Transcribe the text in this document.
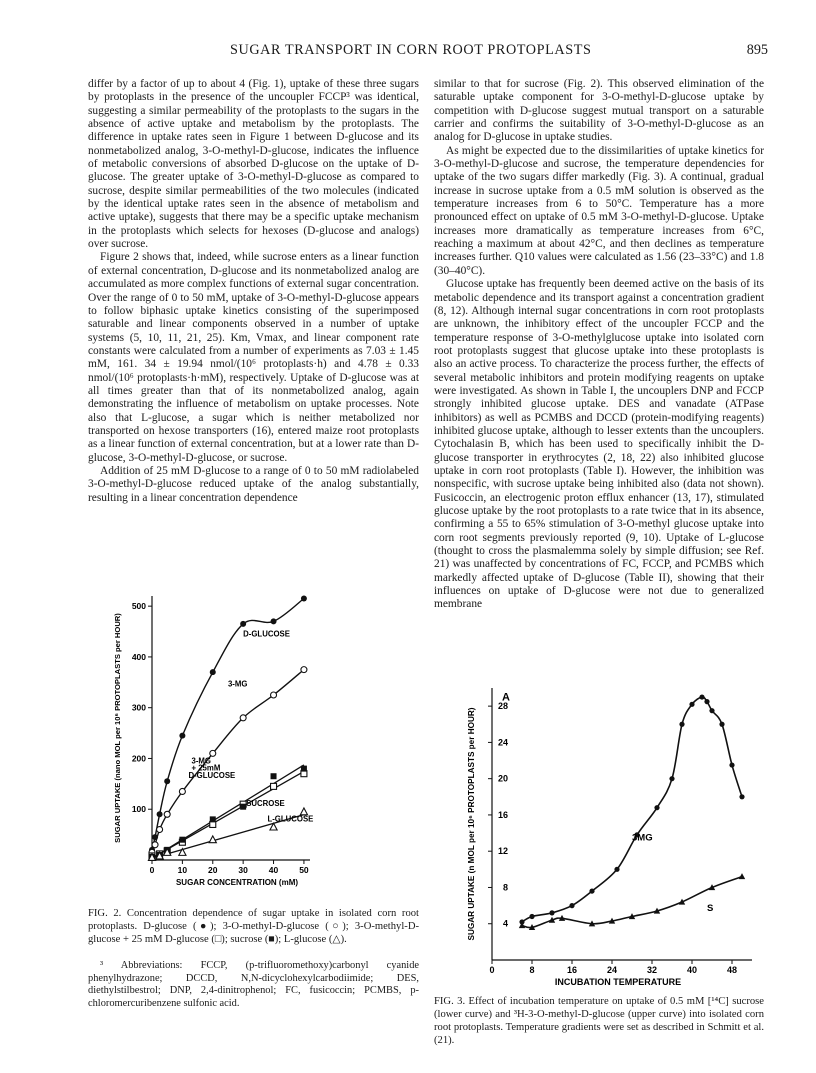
SUGAR TRANSPORT IN CORN ROOT PROTOPLASTS	895

differ by a factor of up to about 4 (Fig. 1), uptake of these three sugars by protoplasts in the presence of the uncoupler FCCP³ was identical, suggesting a similar permeability of the protoplasts to the sugars in the absence of active uptake and metabolism by the protoplasts. The difference in uptake rates seen in Figure 1 between D-glucose and its nonmetabolized analog, 3-O-methyl-D-glucose, indicates the influence of metabolic conversions of absorbed D-glucose on the uptake of D-glucose. The greater uptake of 3-O-methyl-D-glucose as compared to sucrose, despite similar permeabilities of the two molecules (indicated by the identical uptake rates seen in the absence of metabolism and active uptake), suggests that there may be a specific uptake mechanism in the protoplasts which selects for hexoses (D-glucose and analogs) over sucrose.

Figure 2 shows that, indeed, while sucrose enters as a linear function of external concentration, D-glucose and its nonmetabolized analog are accumulated as more complex functions of external sugar concentration. Over the range of 0 to 50 mM, uptake of 3-O-methyl-D-glucose appears to follow biphasic uptake kinetics consisting of the superimposed saturable and linear components observed in a number of uptake systems (5, 10, 11, 21, 25). Km, Vmax, and linear component rate constants were calculated from a number of experiments as 7.03 ± 1.45 mM, 161. 34 ± 19.94 nmol/(10⁶ protoplasts·h) and 4.78 ± 0.33 nmol/(10⁶ protoplasts·h·mM), respectively. Uptake of D-glucose was at all times greater than that of its nonmetabolized analog, again demonstrating the influence of metabolism on uptake processes. Note also that L-glucose, a sugar which is neither metabolized nor transported on hexose transporters (16), entered maize root protoplasts as a linear function of external concentration, but at a lower rate than D-glucose, 3-O-methyl-D-glucose, or sucrose.

Addition of 25 mM D-glucose to a range of 0 to 50 mM radiolabeled 3-O-methyl-D-glucose reduced uptake of the analog substantially, resulting in a linear concentration dependence

similar to that for sucrose (Fig. 2). This observed elimination of the saturable uptake component for 3-O-methyl-D-glucose uptake by competition with D-glucose suggest mutual transport on a saturable carrier and confirms the suitability of 3-O-methyl-D-glucose as an analog for D-glucose in uptake studies.

As might be expected due to the dissimilarities of uptake kinetics for 3-O-methyl-D-glucose and sucrose, the temperature dependencies for uptake of the two sugars differ markedly (Fig. 3). A continual, gradual increase in sucrose uptake from a 0.5 mM solution is observed as the temperature increases from 6 to 50°C. Temperature has a more pronounced effect on uptake of 0.5 mM 3-O-methyl-D-glucose. Uptake increases more dramatically as temperature increases from 6°C, reaching a maximum at about 42°C, and then declines as temperature increases further. Q10 values were calculated as 1.56 (23–33°C) and 1.8 (30–40°C).

Glucose uptake has frequently been deemed active on the basis of its metabolic dependence and its transport against a concentration gradient (8, 12). Although internal sugar concentrations in corn root protoplasts are unknown, the inhibitory effect of the uncoupler FCCP and the temperature response of 3-O-methylglucose uptake into isolated corn root protoplasts suggest that glucose uptake into these protoplasts is also an active process. To characterize the process further, the effects of several metabolic inhibitors and protein modifying reagents on uptake were investigated. As shown in Table I, the uncouplers DNP and FCCP strongly inhibited glucose uptake. DES and vanadate (ATPase inhibitors) as well as PCMBS and DCCD (protein-modifying reagents) inhibited glucose uptake, although to lesser extents than the uncouplers. Cytochalasin B, which has been used to specifically inhibit the D-glucose transporter in erythrocytes (2, 18, 22) also inhibited glucose uptake in corn root protoplasts (Table I). However, the inhibition was nonspecific, with sucrose uptake being inhibited also (data not shown). Fusicoccin, an electrogenic proton efflux enhancer (13, 17), stimulated glucose uptake by the root protoplasts to a rate twice that in its absence, confirming a 55 to 65% stimulation of 3-O-methyl glucose uptake into corn root segments previously reported (9, 10). Uptake of L-glucose (thought to cross the plasmalemma solely by simple diffusion; see Ref. 21) was unaffected by concentrations of FC, FCCP, and PCMBS which markedly affected uptake of D-glucose (Table II), showing that their influences on uptake of D-glucose were not due to generalized membrane

0	10 20 30 40 50
100
200
300
400
500
SUGAR CONCENTRATION (mM)
SUGAR UPTAKE (nano MOL per 10⁶ PROTOPLASTS per HOUR)	D-GLUCOSE
3-MG
3-MG
+ 25mM
D-GLUCOSE
SUCROSE
L-GLUCOSE

FIG. 2. Concentration dependence of sugar uptake in isolated corn root protoplasts. D-glucose (●); 3-O-methyl-D-glucose (○); 3-O-methyl-D-glucose + 25 mM D-glucose (□); sucrose (■); L-glucose (△).

³ Abbreviations: FCCP, (p-trifluoromethoxy)carbonyl cyanide phenylhydrazone; DCCD, N,N-dicyclohexylcarbodiimide; DES, diethylstilbestrol; DNP, 2,4-dinitrophenol; FC, fusicoccin; PCMBS, p-chloromercuribenzene sulfonic acid.

0	8	16	24	32	40	48
4
8
12
16
20
24
28
INCUBATION TEMPERATURE
SUGAR UPTAKE (n MOL per 10⁶ PROTOPLASTS per HOUR)
A
3MG
S

FIG. 3. Effect of incubation temperature on uptake of 0.5 mM [¹⁴C] sucrose (lower curve) and ³H-3-O-methyl-D-glucose (upper curve) into isolated corn root protoplasts. Temperature gradients were set as described in Schmitt et al. (21).
